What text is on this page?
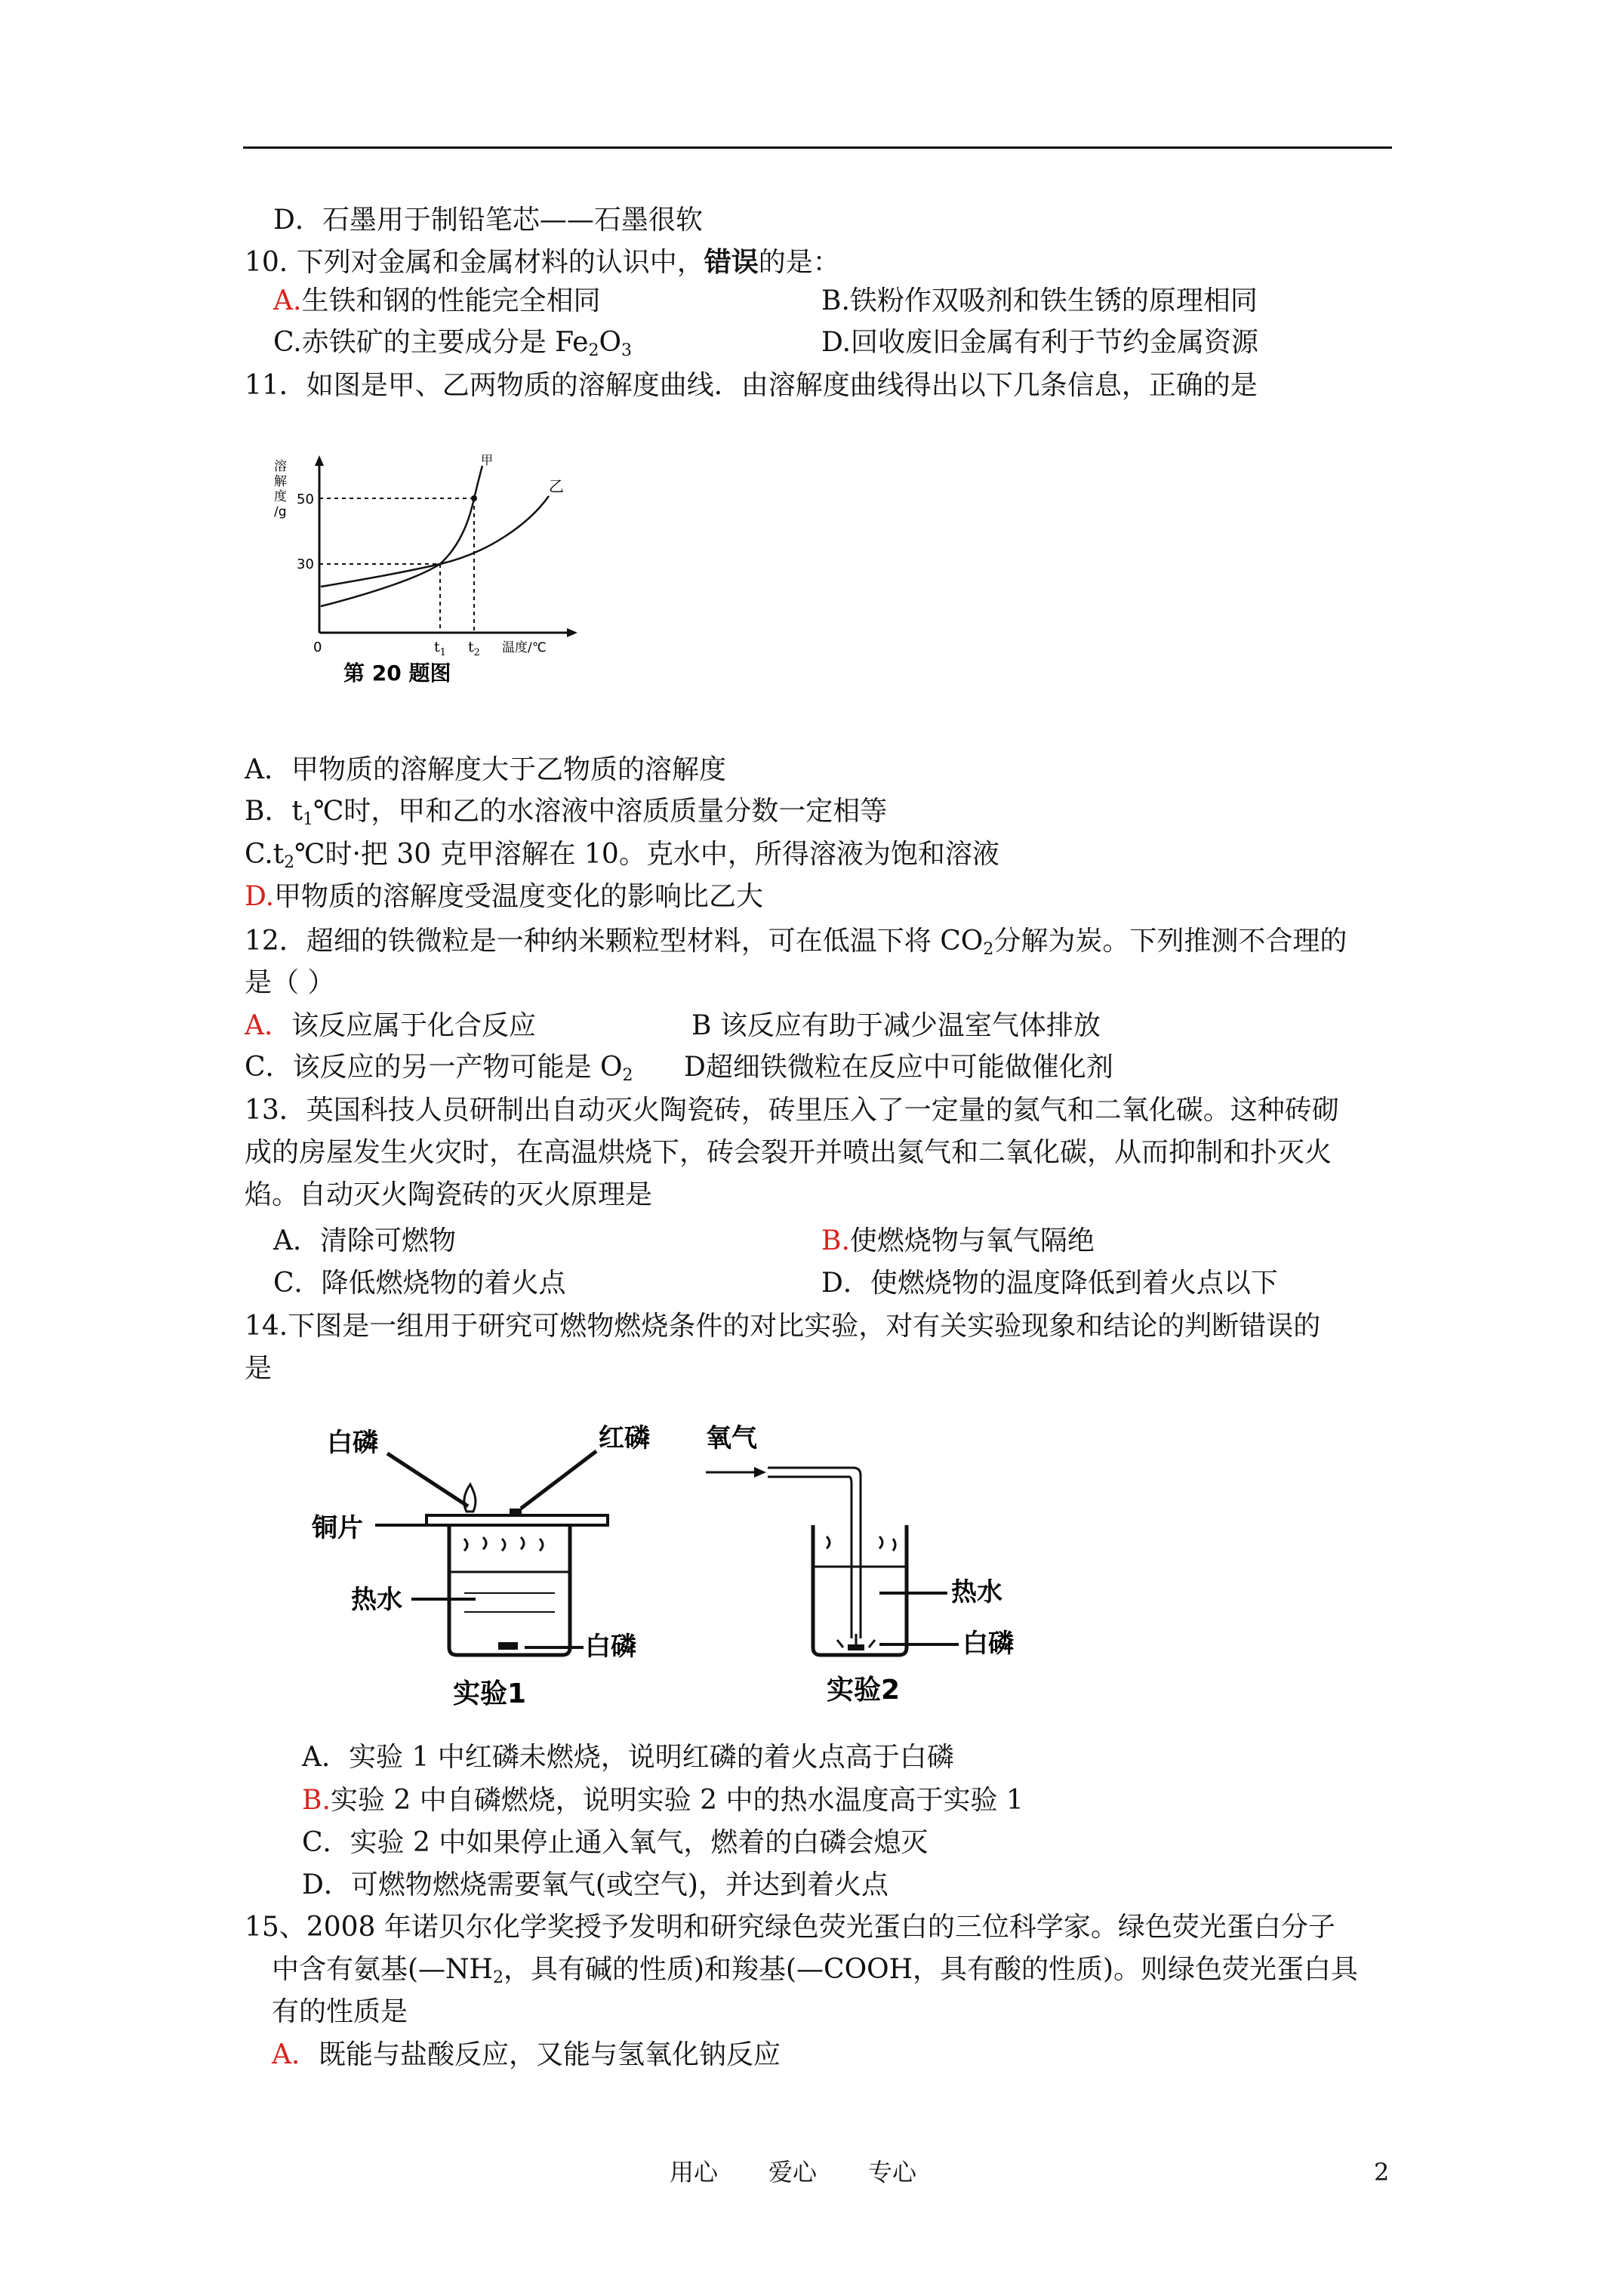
D．石墨用于制铅笔芯——石墨很软
10. 下列对金属和金属材料的认识中，错误的是：
A.生铁和钢的性能完全相同	B.铁粉作双吸剂和铁生锈的原理相同
C.赤铁矿的主要成分是 $Fe_2O_3$	D.回收废旧金属有利于节约金属资源
11．如图是甲、乙两物质的溶解度曲线．由溶解度曲线得出以下几条信息，正确的是
溶
解
度
/g
50
30
0	$t_1$ $t_2$ 温度/℃
甲
乙
第 20 题图
A．甲物质的溶解度大于乙物质的溶解度
B．$t_1℃$时，甲和乙的水溶液中溶质质量分数一定相等
$C.t_2℃$时·把 30 克甲溶解在 10。克水中，所得溶液为饱和溶液
D.甲物质的溶解度受温度变化的影响比乙大
12．超细的铁微粒是一种纳米颗粒型材料，可在低温下将 $CO_2$分解为炭。下列推测不合理的
是（ ）
A．该反应属于化合反应	B 该反应有助于减少温室气体排放
C．该反应的另一产物可能是 $O_2$ D超细铁微粒在反应中可能做催化剂
13．英国科技人员研制出自动灭火陶瓷砖，砖里压入了一定量的氦气和二氧化碳。这种砖砌
成的房屋发生火灾时，在高温烘烧下，砖会裂开并喷出氦气和二氧化碳，从而抑制和扑灭火
焰。自动灭火陶瓷砖的灭火原理是
A．清除可燃物	B.使燃烧物与氧气隔绝
C．降低燃烧物的着火点	D．使燃烧物的温度降低到着火点以下
14.下图是一组用于研究可燃物燃烧条件的对比实验，对有关实验现象和结论的判断错误的
是
白磷	红磷
铜片
热水
白磷
实验1
氧气
热水
白磷
实验2
A．实验 1 中红磷未燃烧，说明红磷的着火点高于白磷
B.实验 2 中自磷燃烧，说明实验 2 中的热水温度高于实验 1
C．实验 2 中如果停止通入氧气，燃着的白磷会熄灭
D．可燃物燃烧需要氧气(或空气)，并达到着火点
15、2008 年诺贝尔化学奖授予发明和研究绿色荧光蛋白的三位科学家。绿色荧光蛋白分子
中含有氨基($—NH_2$，具有碱的性质)和羧基(—COOH，具有酸的性质)。则绿色荧光蛋白具
有的性质是
A．既能与盐酸反应，又能与氢氧化钠反应
用心 爱心 专心	2
